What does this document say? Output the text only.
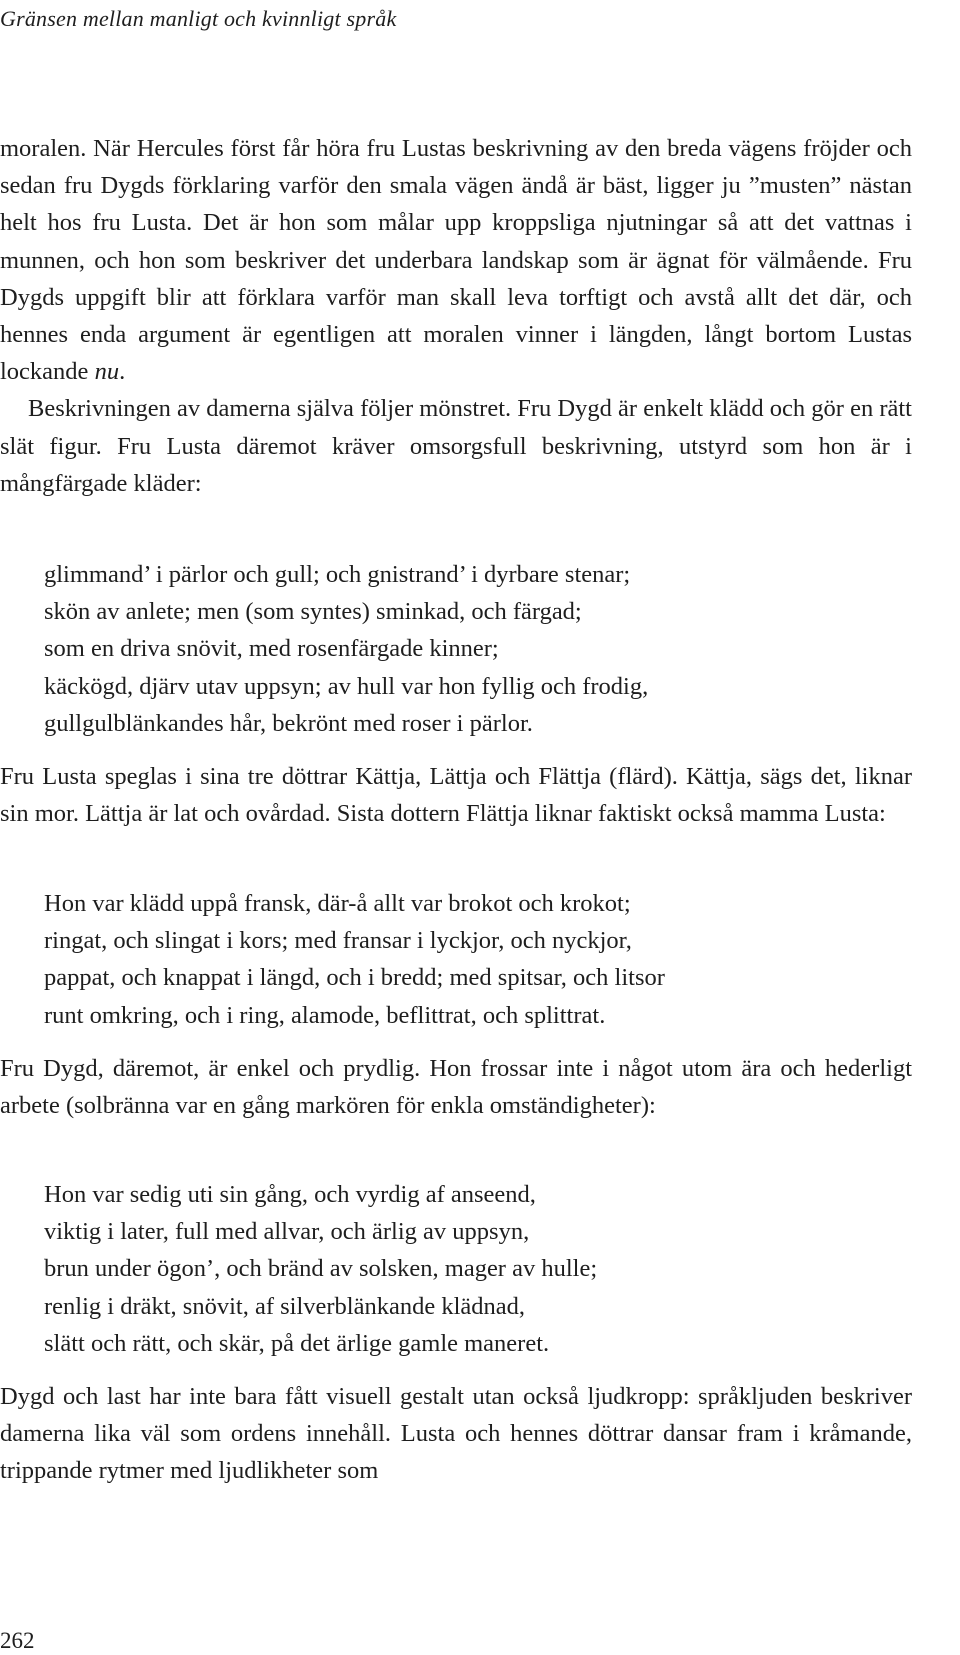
Gränsen mellan manligt och kvinnligt språk

moralen. När Hercules först får höra fru Lustas beskrivning av den breda vägens fröjder och sedan fru Dygds förklaring varför den smala vägen ändå är bäst, ligger ju ”musten” nästan helt hos fru Lusta. Det är hon som målar upp kroppsliga njutningar så att det vattnas i munnen, och hon som beskriver det underbara landskap som är ägnat för välmående. Fru Dygds uppgift blir att förklara varför man skall leva torftigt och avstå allt det där, och hennes enda argument är egentligen att moralen vinner i längden, långt bortom Lustas lockande nu.

Beskrivningen av damerna själva följer mönstret. Fru Dygd är enkelt klädd och gör en rätt slät figur. Fru Lusta däremot kräver omsorgsfull beskrivning, utstyrd som hon är i mångfärgade kläder:

glimmand’ i pärlor och gull; och gnistrand’ i dyrbare stenar;
skön av anlete; men (som syntes) sminkad, och färgad;
som en driva snövit, med rosenfärgade kinner;
käckögd, djärv utav uppsyn; av hull var hon fyllig och frodig,
gullgulblänkandes hår, bekrönt med roser i pärlor.

Fru Lusta speglas i sina tre döttrar Kättja, Lättja och Flättja (flärd). Kättja, sägs det, liknar sin mor. Lättja är lat och ovårdad. Sista dottern Flättja liknar faktiskt också mamma Lusta:

Hon var klädd uppå fransk, där-å allt var brokot och krokot;
ringat, och slingat i kors; med fransar i lyckjor, och nyckjor,
pappat, och knappat i längd, och i bredd; med spitsar, och litsor
runt omkring, och i ring, alamode, beflittrat, och splittrat.

Fru Dygd, däremot, är enkel och prydlig. Hon frossar inte i något utom ära och hederligt arbete (solbränna var en gång markören för enkla omständigheter):

Hon var sedig uti sin gång, och vyrdig af anseend,
viktig i later, full med allvar, och ärlig av uppsyn,
brun under ögon’, och bränd av solsken, mager av hulle;
renlig i dräkt, snövit, af silverblänkande klädnad,
slätt och rätt, och skär, på det ärlige gamle maneret.

Dygd och last har inte bara fått visuell gestalt utan också ljudkropp: språkljuden beskriver damerna lika väl som ordens innehåll. Lusta och hennes döttrar dansar fram i kråmande, trippande rytmer med ljudlikheter som

262
